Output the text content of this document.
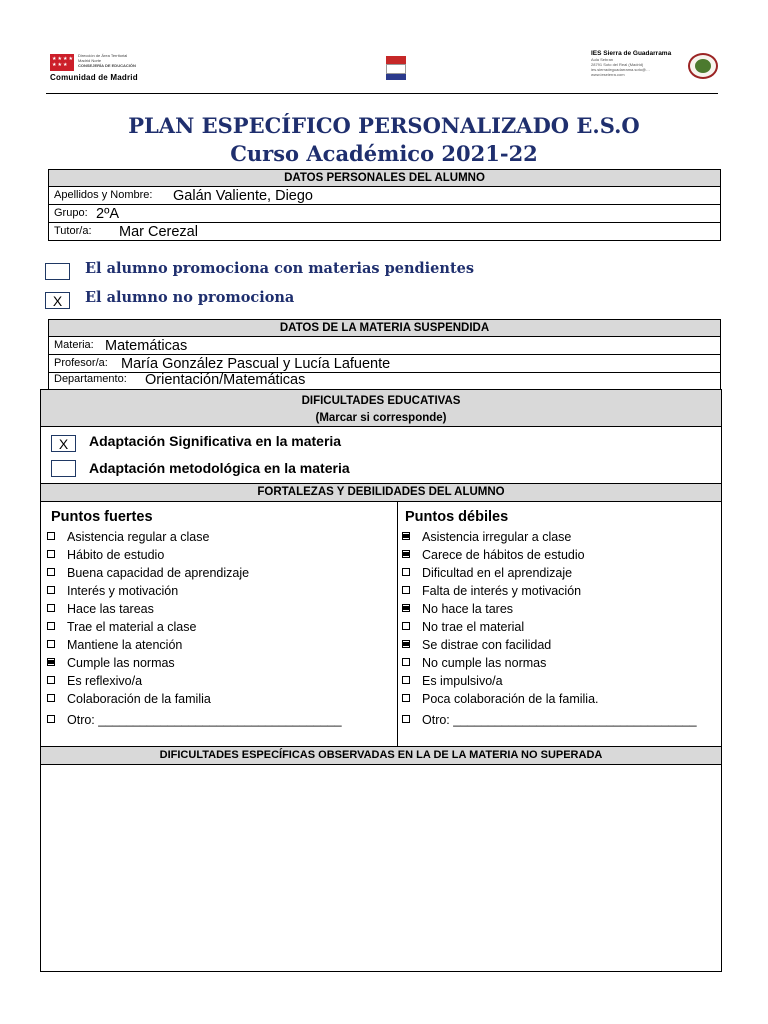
★★★★
★★★
Dirección de Área Territorial
Madrid Norte
CONSEJERÍA DE EDUCACIÓN
Comunidad de Madrid
IES Sierra de Guadarrama
Aula Sebran
28791 Soto del Real (Madrid)
ies.sierradeguadarrama.soto@…
www.ieseierra.com
PLAN ESPECÍFICO PERSONALIZADO E.S.O
Curso Académico 2021-22
DATOS PERSONALES DEL ALUMNO
Apellidos y Nombre: Galán Valiente, Diego
Grupo: 2ºA
Tutor/a: Mar Cerezal
El alumno promociona con materias pendientes
X	El alumno no promociona
DATOS DE LA MATERIA SUSPENDIDA
Materia: Matemáticas
Profesor/a: María González Pascual y Lucía Lafuente
Departamento: Orientación/Matemáticas
DIFICULTADES EDUCATIVAS
(Marcar si corresponde)
X	Adaptación Significativa en la materia
Adaptación metodológica en la materia
FORTALEZAS Y DEBILIDADES DEL ALUMNO
Puntos fuertes
Asistencia regular a clase
Hábito de estudio
Buena capacidad de aprendizaje
Interés y motivación
Hace las tareas
Trae el material a clase
Mantiene la atención
Cumple las normas
Es reflexivo/a
Colaboración de la familia
Otro: ___________________________________
Puntos débiles
Asistencia irregular a clase
Carece de hábitos de estudio
Dificultad en el aprendizaje
Falta de interés y motivación
No hace la tares
No trae el material
Se distrae con facilidad
No cumple las normas
Es impulsivo/a
Poca colaboración de la familia.
Otro: ___________________________________
DIFICULTADES ESPECÍFICAS OBSERVADAS EN LA DE LA MATERIA NO SUPERADA
